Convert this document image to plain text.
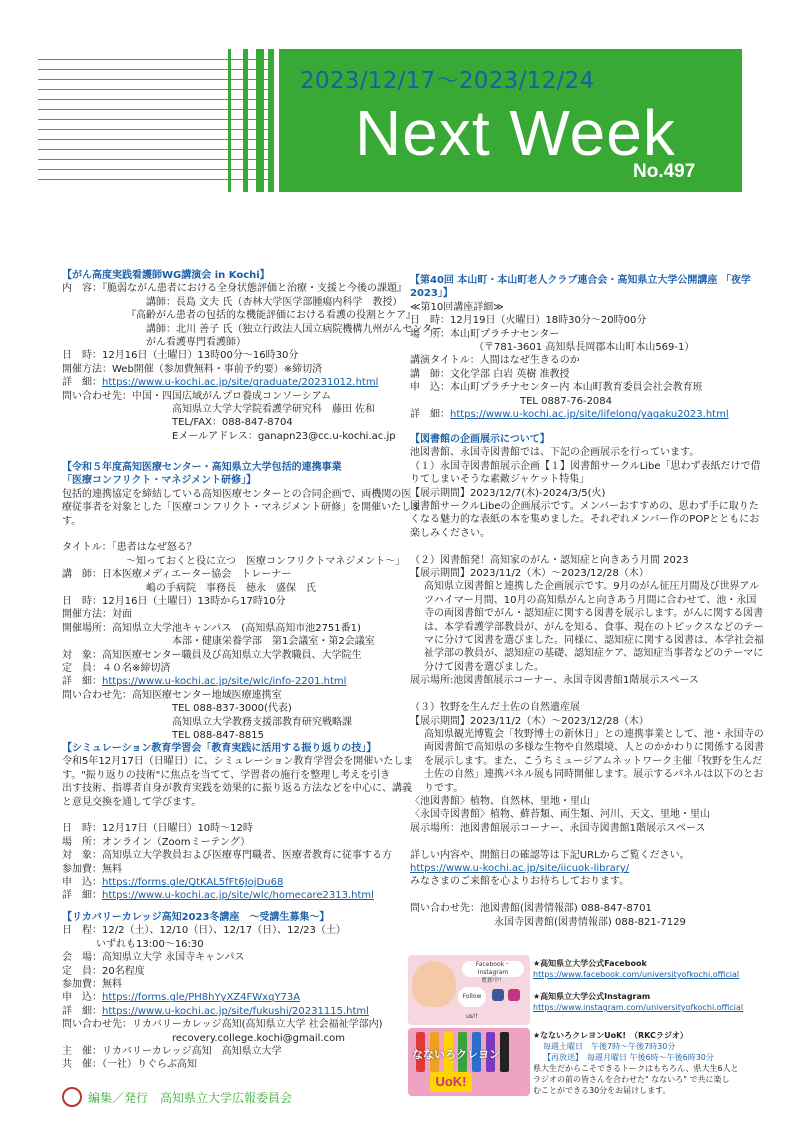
2023/12/17～2023/12/24
Next Week
No.497
【がん高度実践看護師WG講演会 in Kochi】
内　容：『脆弱ながん患者における全身状態評価と治療・支援と今後の課題』
講師：長島 文夫 氏（杏林大学医学部腫瘍内科学　教授）
『高齢がん患者の包括的な機能評価における看護の役割とケア』
講師：北川 善子 氏（独立行政法人国立病院機構九州がんセンター
がん看護専門看護師）
日　時：12月16日（土曜日）13時00分～16時30分
開催方法：Web開催（参加費無料・事前予約要）※締切済
詳　細：https://www.u-kochi.ac.jp/site/graduate/20231012.html
問い合わせ先：中国・四国広域がんプロ養成コンソーシアム
高知県立大学大学院看護学研究科　藤田 佐和
TEL/FAX：088-847-8704
Eメールアドレス：ganapn23@cc.u-kochi.ac.jp
【令和５年度高知医療センター・高知県立大学包括的連携事業
「医療コンフリクト・マネジメント研修」】
包括的連携協定を締結している高知医療センターとの合同企画で、両機関の医
療従事者を対象とした「医療コンフリクト・マネジメント研修」を開催いたしま
す。
タイトル：「患者はなぜ怒る？
～知っておくと役に立つ　医療コンフリクトマネジメント～」
講　師：日本医療メディエーター協会　トレーナー
嶋の手病院　事務長　徳永　盛保　氏
日　時：12月16日（土曜日）13時から17時10分
開催方法：対面
開催場所：高知県立大学池キャンパス　(高知県高知市池2751番1)
本部・健康栄養学部　第1会議室・第2会議室
対　象：高知医療センター職員及び高知県立大学教職員、大学院生
定　員：４０名※締切済
詳　細：https://www.u-kochi.ac.jp/site/wlc/info-2201.html
問い合わせ先：高知医療センター地域医療連携室
TEL 088-837-3000(代表)
高知県立大学教務支援部教育研究戦略課
TEL 088-847-8815
【シミュレーション教育学習会「教育実践に活用する振り返りの技」】
令和5年12月17日（日曜日）に、シミュレーション教育学習会を開催いたしま
す。"振り返りの技術"に焦点を当てて、学習者の施行を整理し考えを引き
出す技術、指導者自身が教育実践を効果的に振り返る方法などを中心に、講義
と意見交換を通して学びます。
日　時：12月17日（日曜日）10時～12時
場　所：オンライン（Zoomミーテング）
対　象：高知県立大学教員および医療専門職者、医療者教育に従事する方
参加費：無料
申　込：https://forms.gle/QtKAL5fFt6JojDu68
詳　細：https://www.u-kochi.ac.jp/site/wlc/homecare2313.html
【リカバリーカレッジ高知2023冬講座　～受講生募集～】
日　程：12/2（土）、12/10（日）、12/17（日）、12/23（土）
いずれも13:00～16:30
会　場：高知県立大学 永国寺キャンパス
定　員：20名程度
参加費：無料
申　込：https://forms.gle/PH8hYyXZ4FWxqY73A
詳　細：https://www.u-kochi.ac.jp/site/fukushi/20231115.html
問い合わせ先：リカバリーカレッジ高知(高知県立大学 社会福祉学部内)
recovery.college.kochi@gmail.com
主　催：リカバリーカレッジ高知　高知県立大学
共　催：（一社）りぐらぶ高知
編集／発行　高知県立大学広報委員会
【第40回 本山町・本山町老人クラブ連合会・高知県立大学公開講座 「夜学
2023」】
≪第10回講座詳細≫
日　時：12月19日（火曜日）18時30分～20時00分
場　所：本山町プラチナセンター
（〒781-3601 高知県長岡郡本山町本山569-1）
講演タイトル：人間はなぜ生きるのか
講　師：文化学部 白岩 英樹 准教授
申　込：本山町プラチナセンター内 本山町教育委員会社会教育班
TEL 0887-76-2084
詳　細：https://www.u-kochi.ac.jp/site/lifelong/yagaku2023.html
【図書館の企画展示について】
池図書館、永国寺図書館では、下記の企画展示を行っています。
（１）永国寺図書館展示企画【１】図書館サークルLibe「思わず表紙だけで借
りてしまいそうな素敵ジャケット特集」
【展示期間】2023/12/7(木)-2024/3/5(火)
図書館サークルLibeの企画展示です。メンバーおすすめの、思わず手に取りた
くなる魅力的な表紙の本を集めました。それぞれメンバー作のPOPとともにお
楽しみください。
（２）図書館発！高知家のがん・認知症と向きあう月間 2023
【展示期間】2023/11/2（木）～2023/12/28（木）
高知県立図書館と連携した企画展示です。9月のがん征圧月間及び世界アル
ツハイマー月間、10月の高知県がんと向きあう月間に合わせて、池・永国
寺の両図書館でがん・認知症に関する図書を展示します。がんに関する図書
は、本学看護学部教員が、がんを知る、食事、現在のトピックスなどのテー
マに分けて図書を選びました。同様に、認知症に関する図書は、本学社会福
祉学部の教員が、認知症の基礎、認知症ケア、認知症当事者などのテーマに
分けて図書を選びました。
展示場所:池図書館展示コーナー、永国寺図書館1階展示スペース
（３）牧野を生んだ土佐の自然遺産展
【展示期間】2023/11/2（木）～2023/12/28（木）
高知県観光博覧会「牧野博士の新休日」との連携事業として、池・永国寺の
両図書館で高知県の多様な生物や自然環境、人とのかかわりに関係する図書
を展示します。また、こうちミュージアムネットワーク主催「牧野を生んだ
土佐の自然」連携パネル展も同時開催します。展示するパネルは以下のとお
りです。
〈池図書館〉植物、自然林、里地・里山
〈永国寺図書館〉植物、蘚苔類、両生類、河川、天文、里地・里山
展示場所：池図書館展示コーナー、永国寺図書館1階展示スペース
詳しい内容や、開館日の確認等は下記URLからご覧ください。
https://www.u-kochi.ac.jp/site/iicuok-library/
みなさまのご来館を心よりお待ちしております。
問い合わせ先：池図書館(図書情報部) 088-847-8701
永国寺図書館(図書情報部) 088-821-7129
Facebook・Instagram
更新中！
Follow us!!
★高知県立大学公式Facebook
https://www.facebook.com/universityofkochi.official
★高知県立大学公式Instagram
https://www.instagram.com/universityofkochi.official
なないろクレヨン
UoK!
★なないろクレヨンUoK!　（RKCラジオ）
毎週土曜日　午後7時～午後7時30分
【再放送】　毎週月曜日 午後6時～午後6時30分
県大生だからこそできるトークはもちろん、県大生6人と
ラジオの前の皆さんを合わせた" なないろ" で共に楽し
むことができる30分をお届けします。
